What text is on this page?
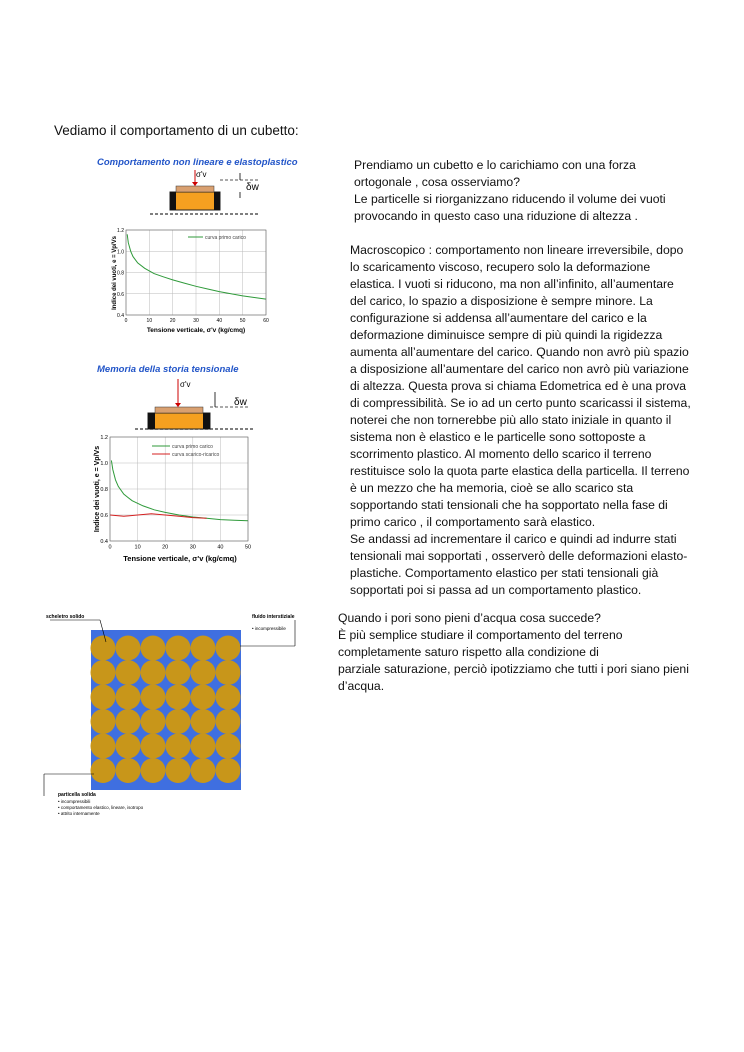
Vediamo il comportamento di un cubetto:
Comportamento non lineare e elastoplastico
σ'v
δw
0.4
0.6
0.8
1.0
1.2
0	10	20	30	40	50	60
curva primo carico
Indice dei vuoti, e = Vp/Vs
Tensione verticale, σ'v (kg/cmq)
Memoria della storia tensionale
σ'v
δw
0.4
0.6
0.8
1.0
1.2
0	10	20	30	40	50
curva primo carico
curva scarico-ricarico
Indice dei vuoti, e = Vp/Vs
Tensione verticale, σ'v (kg/cmq)
Prendiamo un cubetto e lo carichiamo con una forza
ortogonale , cosa osserviamo?
Le particelle si riorganizzano riducendo il volume dei vuoti
provocando in questo caso una riduzione di altezza .
Macroscopico : comportamento non lineare irreversibile, dopo
lo scaricamento viscoso, recupero solo la deformazione
elastica. I vuoti si riducono, ma non all’infinito, all’aumentare
del carico, lo spazio a disposizione è sempre minore. La
configurazione si addensa all’aumentare del carico e la
deformazione diminuisce sempre di più quindi la rigidezza
aumenta all’aumentare del carico. Quando non avrò più spazio
a disposizione all’aumentare del carico non avrò più variazione
di altezza. Questa prova si chiama Edometrica ed è una prova
di compressibilità. Se io ad un certo punto scaricassi il sistema,
noterei che non tornerebbe più allo stato iniziale in quanto il
sistema non è elastico e le particelle sono sottoposte a
scorrimento plastico. Al momento dello scarico il terreno
restituisce solo la quota parte elastica della particella. Il terreno
è un mezzo che ha memoria, cioè se allo scarico sta
sopportando stati tensionali che ha sopportato nella fase di
primo carico , il comportamento sarà elastico.
Se andassi ad incrementare il carico e quindi ad indurre stati
tensionali mai sopportati , osserverò delle deformazioni elasto-
plastiche. Comportamento elastico per stati tensionali già
sopportati poi si passa ad un comportamento plastico.
Quando i pori sono pieni d’acqua cosa succede?
È più semplice studiare il comportamento del terreno
completamente saturo rispetto alla condizione di
parziale saturazione, perciò ipotizziamo che tutti i pori siano pieni
d’acqua.
scheletro solido	fluido interstiziale
• incompressibile
particella solida
• incompressibili
• comportamento elastico, lineare, isotropo
• attrito internamente
